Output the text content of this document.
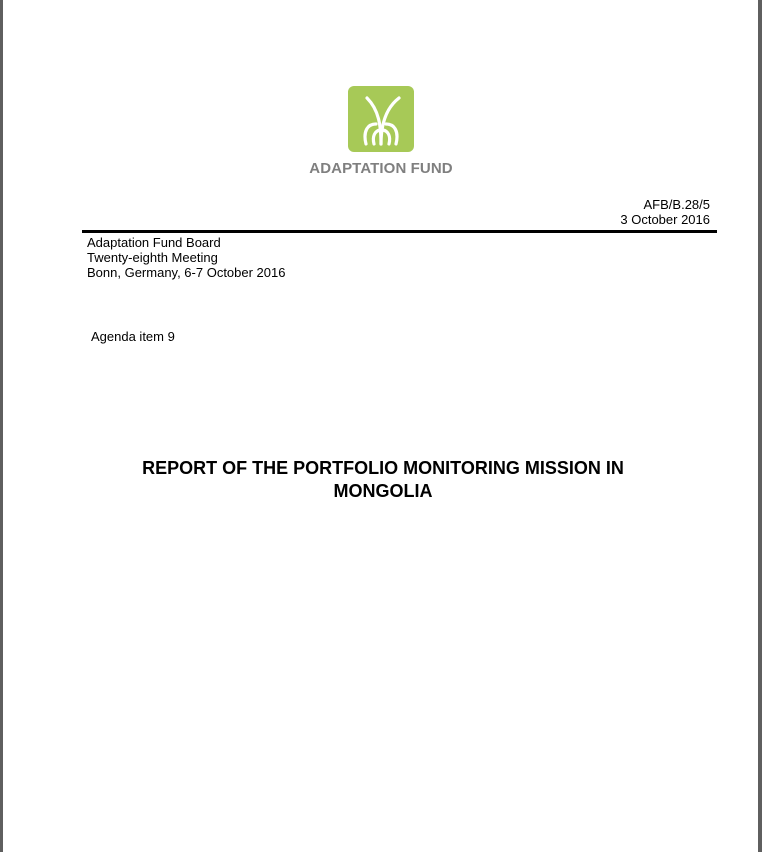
ADAPTATION FUND
AFB/B.28/5
3 October 2016
Adaptation Fund Board
Twenty-eighth Meeting
Bonn, Germany, 6-7 October 2016
Agenda item 9
REPORT OF THE PORTFOLIO MONITORING MISSION IN
MONGOLIA
